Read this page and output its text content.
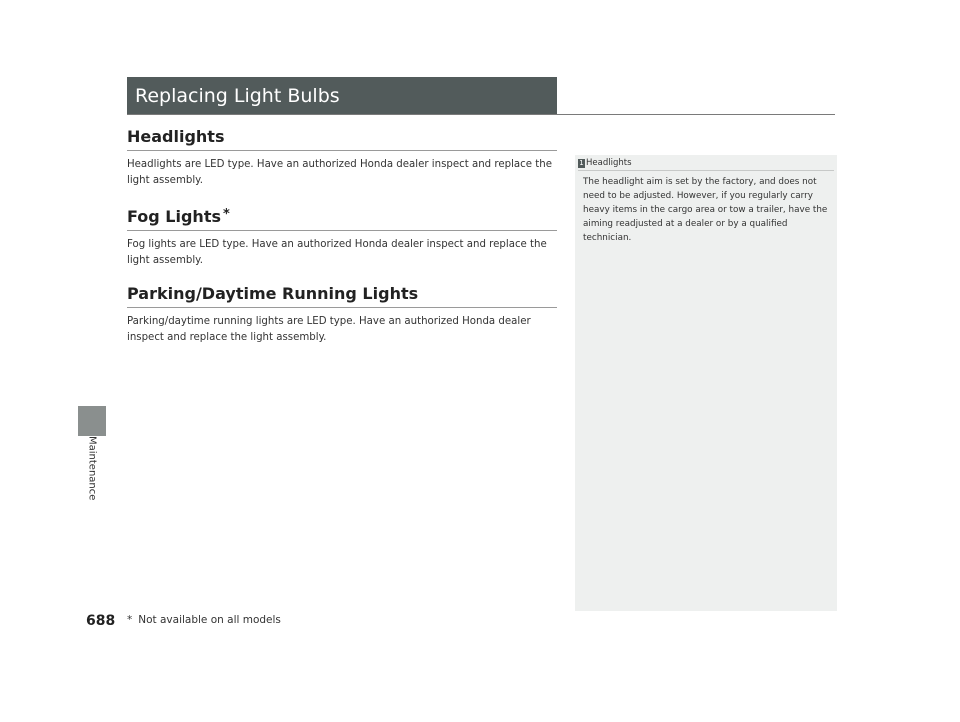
Maintenance
688
Replacing Light Bulbs
Headlights

Headlights are LED type. Have an authorized Honda dealer inspect and replace the light assembly.

Fog Lights *

Fog lights are LED type. Have an authorized Honda dealer inspect and replace the light assembly.

Parking/Daytime Running Lights

Parking/daytime running lights are LED type. Have an authorized Honda dealer inspect and replace the light assembly.

1 Headlights
The headlight aim is set by the factory, and does not need to be adjusted. However, if you regularly carry heavy items in the cargo area or tow a trailer, have the aiming readjusted at a dealer or by a qualified technician.
* Not available on all models
